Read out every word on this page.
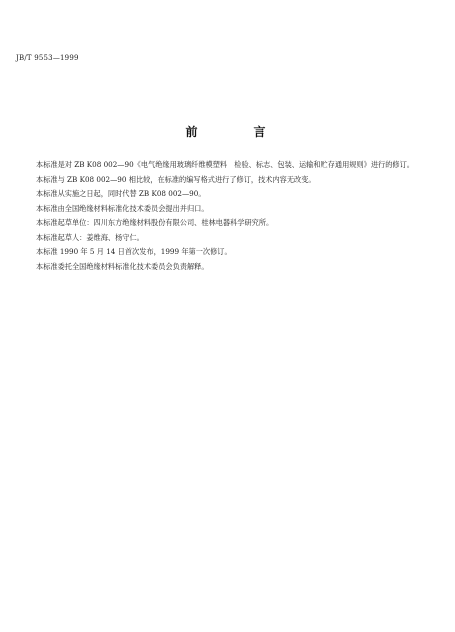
JB/T 9553—1999
前　言

本标准是对 ZB K08 002—90《电气绝缘用玻璃纤维模塑料　检验、标志、包装、运输和贮存通用规则》进行的修订。

本标准与 ZB K08 002—90 相比较，在标准的编写格式进行了修订，技术内容无改变。

本标准从实施之日起，同时代替 ZB K08 002—90。

本标准由全国绝缘材料标准化技术委员会提出并归口。

本标准起草单位：四川东方绝缘材料股份有限公司、桂林电器科学研究所。

本标准起草人：姜维海、杨守仁。

本标准 1990 年 5 月 14 日首次发布，1999 年第一次修订。

本标准委托全国绝缘材料标准化技术委员会负责解释。
